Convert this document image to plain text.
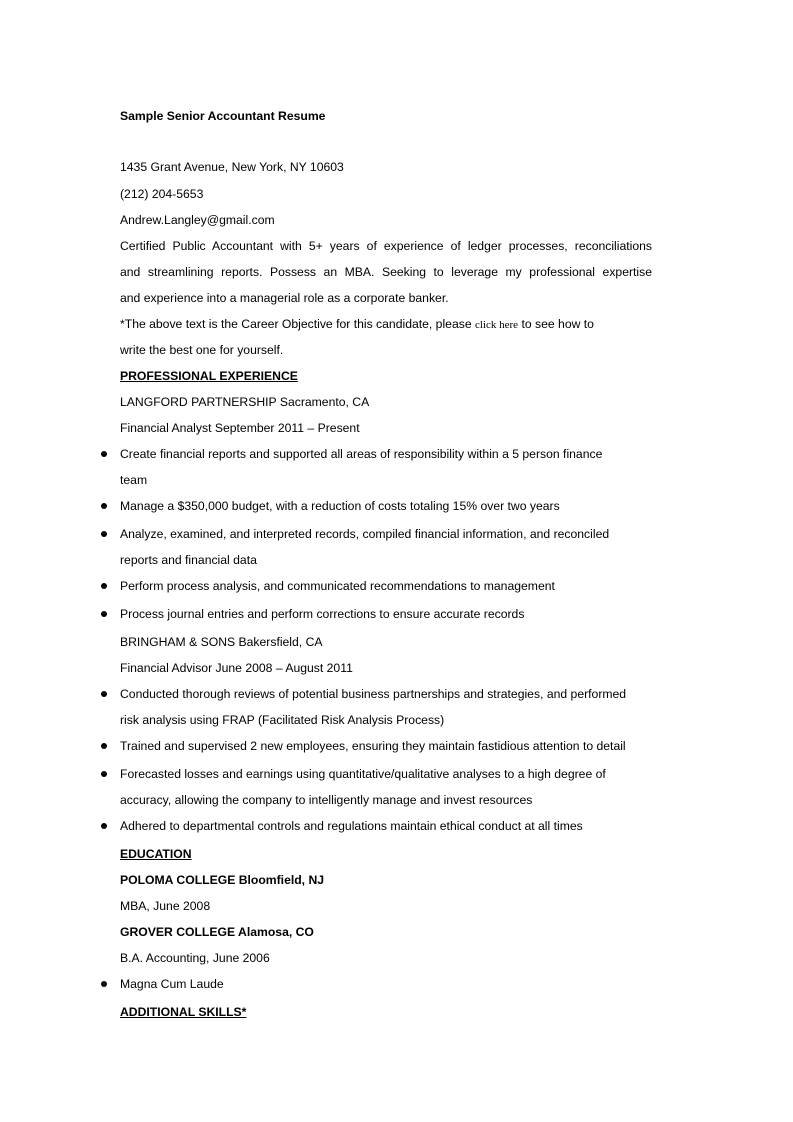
Sample Senior Accountant Resume
1435 Grant Avenue, New York, NY 10603
(212) 204-5653
Andrew.Langley@gmail.com
Certified Public Accountant with 5+ years of experience of ledger processes, reconciliations
and streamlining reports. Possess an MBA. Seeking to leverage my professional expertise
and experience into a managerial role as a corporate banker.
*The above text is the Career Objective for this candidate, please click here to see how to
write the best one for yourself.
PROFESSIONAL EXPERIENCE
LANGFORD PARTNERSHIP Sacramento, CA
Financial Analyst September 2011 – Present
Create financial reports and supported all areas of responsibility within a 5 person finance
team
Manage a $350,000 budget, with a reduction of costs totaling 15% over two years
Analyze, examined, and interpreted records, compiled financial information, and reconciled
reports and financial data
Perform process analysis, and communicated recommendations to management
Process journal entries and perform corrections to ensure accurate records
BRINGHAM & SONS Bakersfield, CA
Financial Advisor June 2008 – August 2011
Conducted thorough reviews of potential business partnerships and strategies, and performed
risk analysis using FRAP (Facilitated Risk Analysis Process)
Trained and supervised 2 new employees, ensuring they maintain fastidious attention to detail
Forecasted losses and earnings using quantitative/qualitative analyses to a high degree of
accuracy, allowing the company to intelligently manage and invest resources
Adhered to departmental controls and regulations maintain ethical conduct at all times
EDUCATION
POLOMA COLLEGE Bloomfield, NJ
MBA, June 2008
GROVER COLLEGE Alamosa, CO
B.A. Accounting, June 2006
Magna Cum Laude
ADDITIONAL SKILLS*
